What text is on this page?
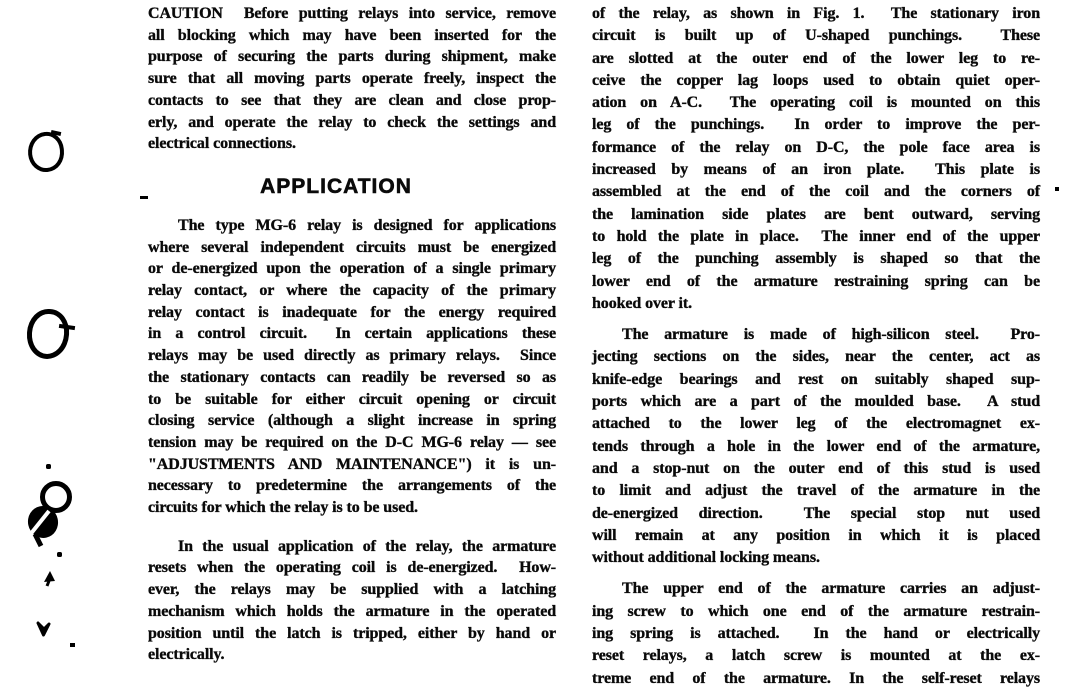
CAUTION  Before putting relays into service, remove
all blocking which may have been inserted for the
purpose of securing the parts during shipment, make
sure that all moving parts operate freely, inspect the
contacts to see that they are clean and close prop-
erly, and operate the relay to check the settings and
electrical connections.
APPLICATION
The type MG-6 relay is designed for applications
where several independent circuits must be energized
or de-energized upon the operation of a single primary
relay contact, or where the capacity of the primary
relay contact is inadequate for the energy required
in a control circuit.  In certain applications these
relays may be used directly as primary relays.  Since
the stationary contacts can readily be reversed so as
to be suitable for either circuit opening or circuit
closing service (although a slight increase in spring
tension may be required on the D-C MG-6 relay — see
"ADJUSTMENTS AND MAINTENANCE") it is un-
necessary to predetermine the arrangements of the
circuits for which the relay is to be used.
In the usual application of the relay, the armature
resets when the operating coil is de-energized.  How-
ever, the relays may be supplied with a latching
mechanism which holds the armature in the operated
position until the latch is tripped, either by hand or
electrically.
of the relay, as shown in Fig. 1.  The stationary iron
circuit is built up of U-shaped punchings.  These
are slotted at the outer end of the lower leg to re-
ceive the copper lag loops used to obtain quiet oper-
ation on A-C.  The operating coil is mounted on this
leg of the punchings.  In order to improve the per-
formance of the relay on D-C, the pole face area is
increased by means of an iron plate.  This plate is
assembled at the end of the coil and the corners of
the lamination side plates are bent outward, serving
to hold the plate in place.  The inner end of the upper
leg of the punching assembly is shaped so that the
lower end of the armature restraining spring can be
hooked over it.
The armature is made of high-silicon steel.  Pro-
jecting sections on the sides, near the center, act as
knife-edge bearings and rest on suitably shaped sup-
ports which are a part of the moulded base.  A stud
attached to the lower leg of the electromagnet ex-
tends through a hole in the lower end of the armature,
and a stop-nut on the outer end of this stud is used
to limit and adjust the travel of the armature in the
de-energized direction.  The special stop nut used
will remain at any position in which it is placed
without additional locking means.
The upper end of the armature carries an adjust-
ing screw to which one end of the armature restrain-
ing spring is attached.  In the hand or electrically
reset relays, a latch screw is mounted at the ex-
treme end of the armature. In the self-reset relays
